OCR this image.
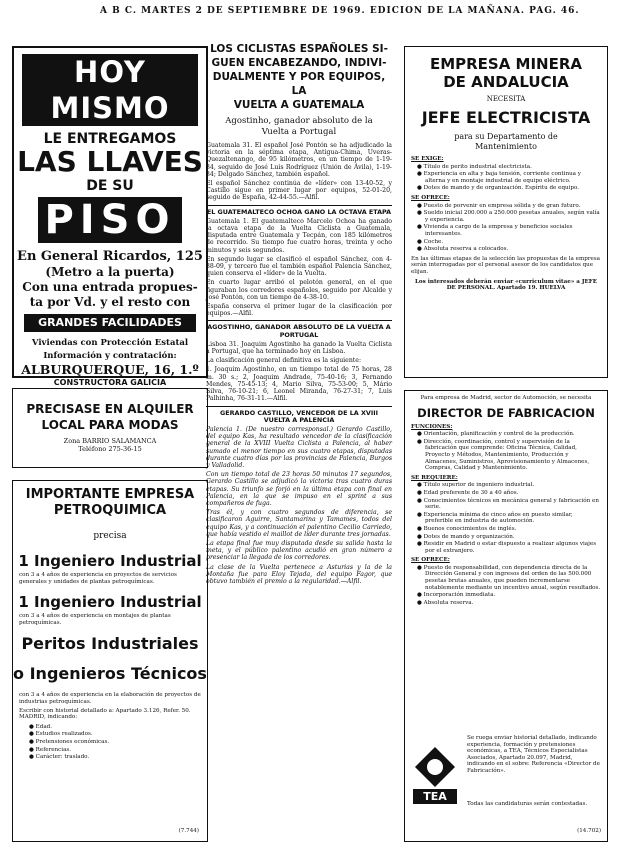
A B C. MARTES 2 DE SEPTIEMBRE DE 1969. EDICION DE LA MAÑANA. PAG. 46.
HOY MISMO
LE ENTREGAMOS
LAS LLAVES
DE SU
PISO
En General Ricardos, 125
(Metro a la puerta)
Con una entrada propues-
ta por Vd. y el resto con
GRANDES FACILIDADES
Viviendas con Protección Estatal
Información y contratación:
ALBURQUERQUE, 16, 1.º
CONSTRUCTORA GALICIA
PRECISASE EN ALQUILER
LOCAL PARA MODAS
Zona BARRIO SALAMANCA
Teléfono 275-36-15
IMPORTANTE EMPRESA
PETROQUIMICA
precisa
1 Ingeniero Industrial
con 3 a 4 años de experiencia en proyectos de servicios generales y unidades de plantas petroquímicas.
1 Ingeniero Industrial
con 3 a 4 años de experiencia en montajes de plantas petroquímicas.
Peritos Industriales
o Ingenieros Técnicos
con 3 a 4 años de experiencia en la elaboración de proyectos de industrias petroquímicas.
Escribir con historial detallado a: Apartado 3.126, Refer. 50. MADRID, indicando:
● Edad.
● Estudios realizados.
● Pretensiones económicas.
● Referencias.
● Carácter: traslado.
(7.744)
LOS CICLISTAS ESPAÑOLES SI-
GUEN ENCABEZANDO, INDIVI-
DUALMENTE Y POR EQUIPOS, LA
VUELTA A GUATEMALA
Agostinho, ganador absoluto de la
Vuelta a Portugal

Guatemala 31. El español José Pontón se ha adjudicado la victoria en la séptima etapa, Antigua-Chima, Uveras-Quezaltenango, de 95 kilómetros, en un tiempo de 1-19-34, seguido de José Luis Rodríguez (Unión de Ávila), 1-19-34; Delgado Sánchez, también español.

El español Sánchez continúa de «líder» con 13-40-52, y Castillo sigue en primer lugar por equipos, 52-01-20, seguido de España, 42-44-55.—Alfil.

EL GUATEMALTECO OCHOA GANO LA OCTAVA ETAPA

Guatemala 1. El guatemalteco Marcelo Ochoa ha ganado la octava etapa de la Vuelta Ciclista a Guatemala, disputada entre Guatemala y Tecpán, con 185 kilómetros de recorrido. Su tiempo fue cuatro horas, treinta y ocho minutos y seis segundos.

En segundo lugar se clasificó el español Sánchez, con 4-38-09, y tercero fue el también español Palencia Sánchez, quien conserva el «líder» de la Vuelta.

En cuarto lugar arribó el pelotón general, en el que figuraban los corredores españoles, seguido por Alcalde y José Pontón, con un tiempo de 4-38-10.

España conserva el primer lugar de la clasificación por equipos.—Alfil.

AGOSTINHO, GANADOR ABSOLUTO DE LA VUELTA A PORTUGAL

Lisboa 31. Joaquim Agostinho ha ganado la Vuelta Ciclista a Portugal, que ha terminado hoy en Lisboa.

La clasificación general definitiva es la siguiente:

1. Joaquim Agostinho, en un tiempo total de 75 horas, 28 m. 30 s.; 2, Joaquim Andrade, 75-40-16; 3, Fernando Mendes, 75-45-13; 4, Mario Silva, 75-53-00; 5, Mário Silva, 76-10-21; 6, Leonel Miranda, 76-27-31; 7, Luis Palhinha, 76-31-11.—Alfil.

GERARDO CASTILLO, VENCEDOR DE LA XVIII VUELTA A PALENCIA

Palencia 1. (De nuestro corresponsal.) Gerardo Castillo, del equipo Kas, ha resultado vencedor de la clasificación general de la XVIII Vuelta Ciclista a Palencia, al haber sumado el menor tiempo en sus cuatro etapas, disputadas durante cuatro días por las provincias de Palencia, Burgos y Valladolid.

Con un tiempo total de 23 horas 50 minutos 17 segundos, Gerardo Castillo se adjudicó la victoria tras cuatro duras etapas. Su triunfo se forjó en la última etapa con final en Palencia, en la que se impuso en el sprint a sus compañeros de fuga.

Tras él, y con cuatro segundos de diferencia, se clasificaron Aguirre, Santamarina y Tamames, todos del equipo Kas, y a continuación el palentino Cecilio Carriedo, que había vestido el maillot de líder durante tres jornadas.

La etapa final fue muy disputada desde su salida hasta la meta, y el público palentino acudió en gran número a presenciar la llegada de los corredores.

La clase de la Vuelta pertenece a Asturias y la de la Montaña fue para Eloy Tejada, del equipo Fagor, que obtuvo también el premio a la regularidad.—Alfil.

EMPRESA MINERA
DE ANDALUCIA
NECESITA
JEFE ELECTRICISTA
para su Departamento de Mantenimiento
SE EXIGE:
● Título de perito industrial electricista.
● Experiencia en alta y baja tensión, corriente continua y alterna y en montaje industrial de equipo eléctrico.
● Dotes de mando y de organización. Espíritu de equipo.
SE OFRECE:
● Puesto de porvenir en empresa sólida y de gran futuro.
● Sueldo inicial 200.000 a 250.000 pesetas anuales, según valía y experiencia.
● Vivienda a cargo de la empresa y beneficios sociales interesantes.
● Coche.
● Absoluta reserva a colocados.
En las últimas etapas de la selección las propuestas de la empresa serán interrogadas por el personal asesor de los candidatos que elijan.
Los interesados deberán enviar «curriculum vitae» a JEFE DE PERSONAL. Apartado 19. HUELVA
Para empresa de Madrid, sector de Automoción, se necesita
DIRECTOR DE FABRICACION
FUNCIONES:
● Orientación, planificación y control de la producción.
● Dirección, coordinación, control y supervisión de la fabricación que comprende: Oficina Técnica, Calidad, Proyecto y Métodos, Mantenimiento, Producción y Almacenes, Suministros, Aprovisionamiento y Almacenes, Compras, Calidad y Mantenimiento.
SE REQUIERE:
● Título superior de ingeniero industrial.
● Edad preferente de 30 a 40 años.
● Conocimientos técnicos en mecánica general y fabricación en serie.
● Experiencia mínima de cinco años en puesto similar, preferible en industria de automoción.
● Buenos conocimientos de inglés.
● Dotes de mando y organización.
● Residir en Madrid o estar dispuesto a realizar algunos viajes por el extranjero.
SE OFRECE:
● Puesto de responsabilidad, con dependencia directa de la Dirección General y con ingresos del orden de las 500.000 pesetas brutas anuales, que pueden incrementarse notablemente mediante un incentivo anual, según resultados.
● Incorporación inmediata.
● Absoluta reserva.
TEA
Se ruega enviar historial detallado, indicando experiencia, formación y pretensiones económicas, a TEA, Técnicos Especialistas Asociados, Apartado 20.097, Madrid, indicando en el sobre: Referencia «Director de Fabricación».
Todas las candidaturas serán contestadas.
(14.702)
